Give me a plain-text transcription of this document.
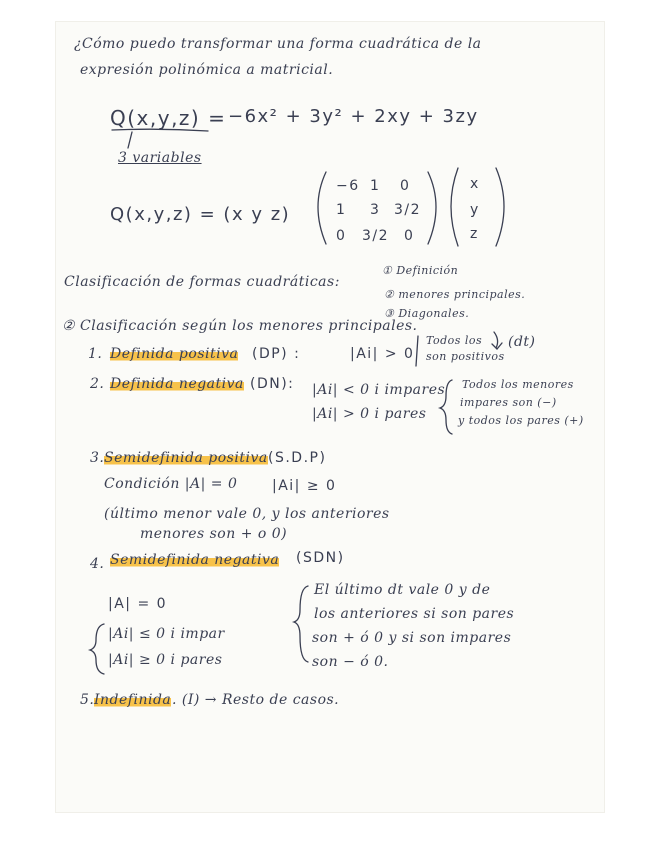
¿Cómo puedo transformar una forma cuadrática de la
expresión polinómica a matricial.
Q(x,y,z) = −6x² + 3y² + 2xy + 3zy
3 variables
Q(x,y,z) = (x y z)
−6 1 0
1 3 3/2
0 3/2 0
x
y
z
Clasificación de formas cuadráticas:
① Definición
② menores principales.
③ Diagonales.
② Clasificación según los menores principales.
1. Definida positiva (DP) :	|Ai| > 0
Todos los
son positivos
(dt)
2. Definida negativa (DN): |Ai| < 0 i impares
|Ai| > 0 i pares
Todos los menores
impares son (−)
y todos los pares (+)
3. Semidefinida positiva (S.D.P)
Condición |A| = 0 |Ai| ≥ 0
(último menor vale 0, y los anteriores
menores son + o 0)
4. Semidefinida negativa (SDN)
|A| = 0
|Ai| ≤ 0 i impar
|Ai| ≥ 0 i pares
El último dt vale 0 y de
los anteriores si son pares
son + ó 0 y si son impares
son − ó 0.
5. Indefinida . (I) → Resto de casos.
